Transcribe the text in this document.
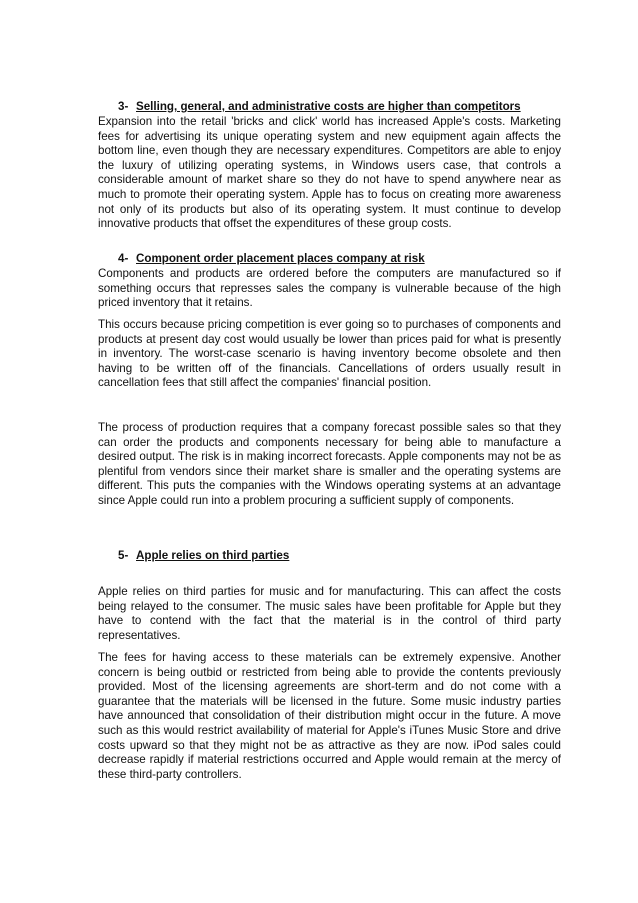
3- Selling, general, and administrative costs are higher than competitors

Expansion into the retail 'bricks and click' world has increased Apple's costs. Marketing fees for advertising its unique operating system and new equipment again affects the bottom line, even though they are necessary expenditures. Competitors are able to enjoy the luxury of utilizing operating systems, in Windows users case, that controls a considerable amount of market share so they do not have to spend anywhere near as much to promote their operating system. Apple has to focus on creating more awareness not only of its products but also of its operating system. It must continue to develop innovative products that offset the expenditures of these group costs.

4- Component order placement places company at risk

Components and products are ordered before the computers are manufactured so if something occurs that represses sales the company is vulnerable because of the high priced inventory that it retains.

This occurs because pricing competition is ever going so to purchases of components and products at present day cost would usually be lower than prices paid for what is presently in inventory. The worst-case scenario is having inventory become obsolete and then having to be written off of the financials. Cancellations of orders usually result in cancellation fees that still affect the companies' financial position.

The process of production requires that a company forecast possible sales so that they can order the products and components necessary for being able to manufacture a desired output. The risk is in making incorrect forecasts. Apple components may not be as plentiful from vendors since their market share is smaller and the operating systems are different. This puts the companies with the Windows operating systems at an advantage since Apple could run into a problem procuring a sufficient supply of components.

5- Apple relies on third parties

Apple relies on third parties for music and for manufacturing. This can affect the costs being relayed to the consumer. The music sales have been profitable for Apple but they have to contend with the fact that the material is in the control of third party representatives.

The fees for having access to these materials can be extremely expensive. Another concern is being outbid or restricted from being able to provide the contents previously provided. Most of the licensing agreements are short-term and do not come with a guarantee that the materials will be licensed in the future. Some music industry parties have announced that consolidation of their distribution might occur in the future. A move such as this would restrict availability of material for Apple's iTunes Music Store and drive costs upward so that they might not be as attractive as they are now. iPod sales could decrease rapidly if material restrictions occurred and Apple would remain at the mercy of these third-party controllers.
